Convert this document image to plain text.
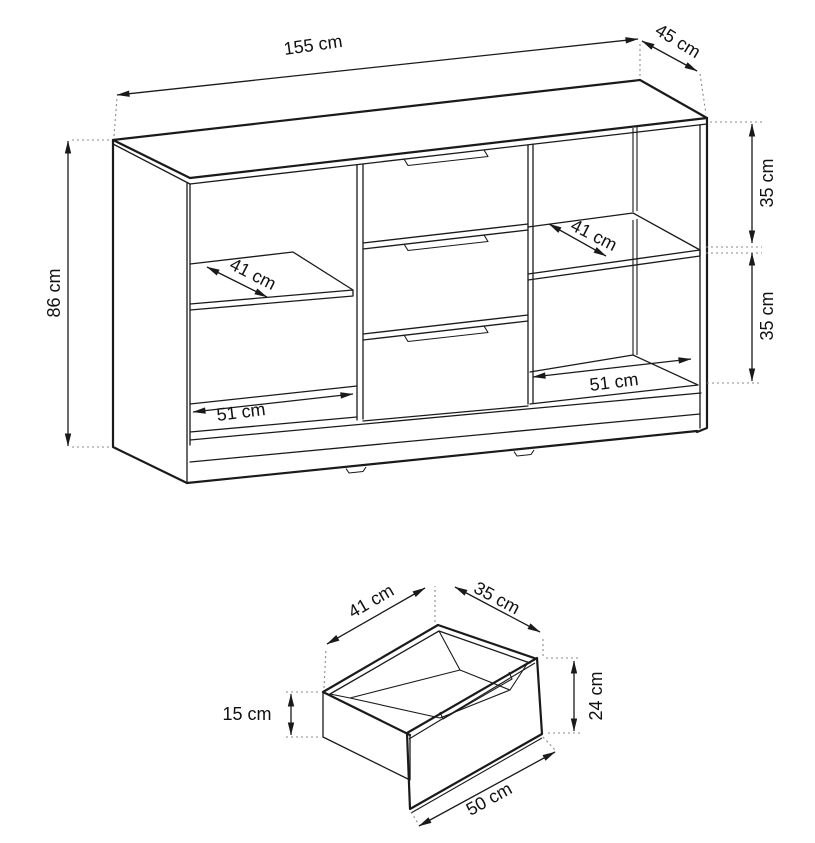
155 cm	45 cm
86 cm	41 cm
41 cm
51 cm
51 cm
35 cm
35 cm
41 cm	35 cm
15 cm	24 cm
50 cm
